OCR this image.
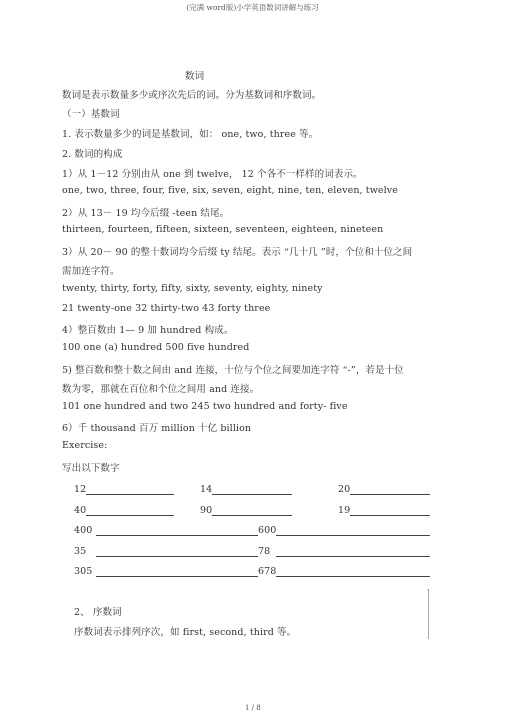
(完满 word版)小学英语数词讲解与练习
数词
数词是表示数量多少或序次先后的词。分为基数词和序数词。
（一）基数词
1. 表示数量多少的词是基数词，如： one, two, three 等。
2. 数词的构成
1）从 1－12 分别由从 one 到 twelve， 12 个各不一样样的词表示。
one, two, three, four, five, six, seven, eight, nine, ten, eleven, twelve
2）从 13－ 19 均今后缀 -teen 结尾。
thirteen, fourteen, fifteen, sixteen, seventeen, eighteen, nineteen
3）从 20－ 90 的整十数词均今后缀 ty 结尾。表示 “几十几 ”时，个位和十位之间
需加连字符。
twenty, thirty, forty, fifty, sixty, seventy, eighty, ninety
21 twenty-one 32 thirty-two 43 forty three
4）整百数由 1— 9 加 hundred 构成。
100 one (a) hundred 500 five hundred
5) 整百数和整十数之间由 and 连接，十位与个位之间要加连字符 “-”，若是十位
数为零，那就在百位和个位之间用 and 连接。
101 one hundred and two 245 two hundred and forty- five
6）千 thousand 百万 million 十亿 billion
Exercise:
写出以下数字
12	14	20
40	90	19
400	600
35	78
305	678
2、 序数词
序数词表示排列序次，如 first, second, third 等。
1 / 8
